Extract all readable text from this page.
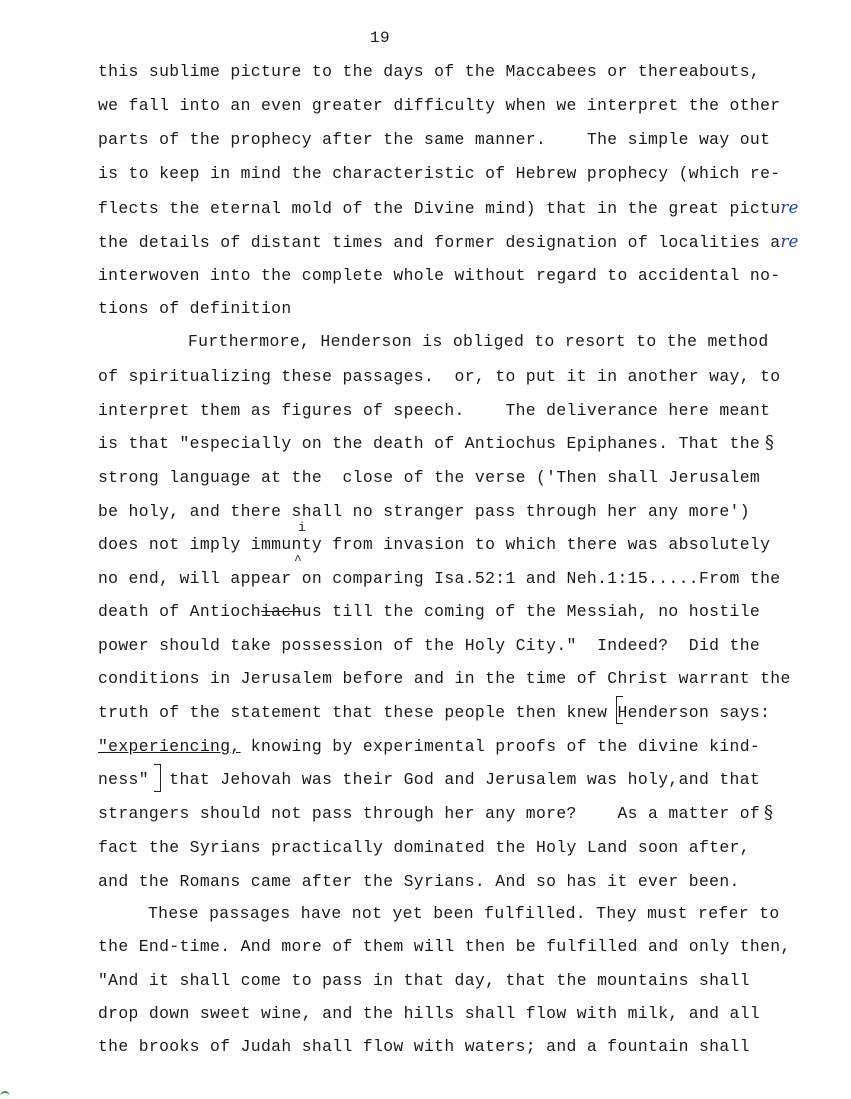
19
this sublime picture to the days of the Maccabees or thereabouts,
we fall into an even greater difficulty when we interpret the other
parts of the prophecy after the same manner.    The simple way out
is to keep in mind the characteristic of Hebrew prophecy (which re-
flects the eternal mold of the Divine mind) that in the great picture
the details of distant times and former designation of localities are
interwoven into the complete whole without regard to accidental no-
tions of definition
Furthermore, Henderson is obliged to resort to the method
of spiritualizing these passages.  or, to put it in another way, to
interpret them as figures of speech.    The deliverance here meant
is that "especially on the death of Antiochus Epiphanes. That the §
strong language at the  close of the verse ('Then shall Jerusalem
be holy, and there shall no stranger pass through her any more')
i
does not imply immunty from invasion to which there was absolutely
^
no end, will appear on comparing Isa.52:1 and Neh.1:15.....From the
death of Antiochiachus till the coming of the Messiah, no hostile
power should take possession of the Holy City."  Indeed?  Did the
conditions in Jerusalem before and in the time of Christ warrant the
truth of the statement that these people then knew Henderson says:
"experiencing, knowing by experimental proofs of the divine kind-
ness"  that Jehovah was their God and Jerusalem was holy,and that
strangers should not pass through her any more?    As a matter of §
fact the Syrians practically dominated the Holy Land soon after,
and the Romans came after the Syrians. And so has it ever been.
These passages have not yet been fulfilled. They must refer to
the End-time. And more of them will then be fulfilled and only then,
"And it shall come to pass in that day, that the mountains shall
drop down sweet wine, and the hills shall flow with milk, and all
the brooks of Judah shall flow with waters; and a fountain shall
